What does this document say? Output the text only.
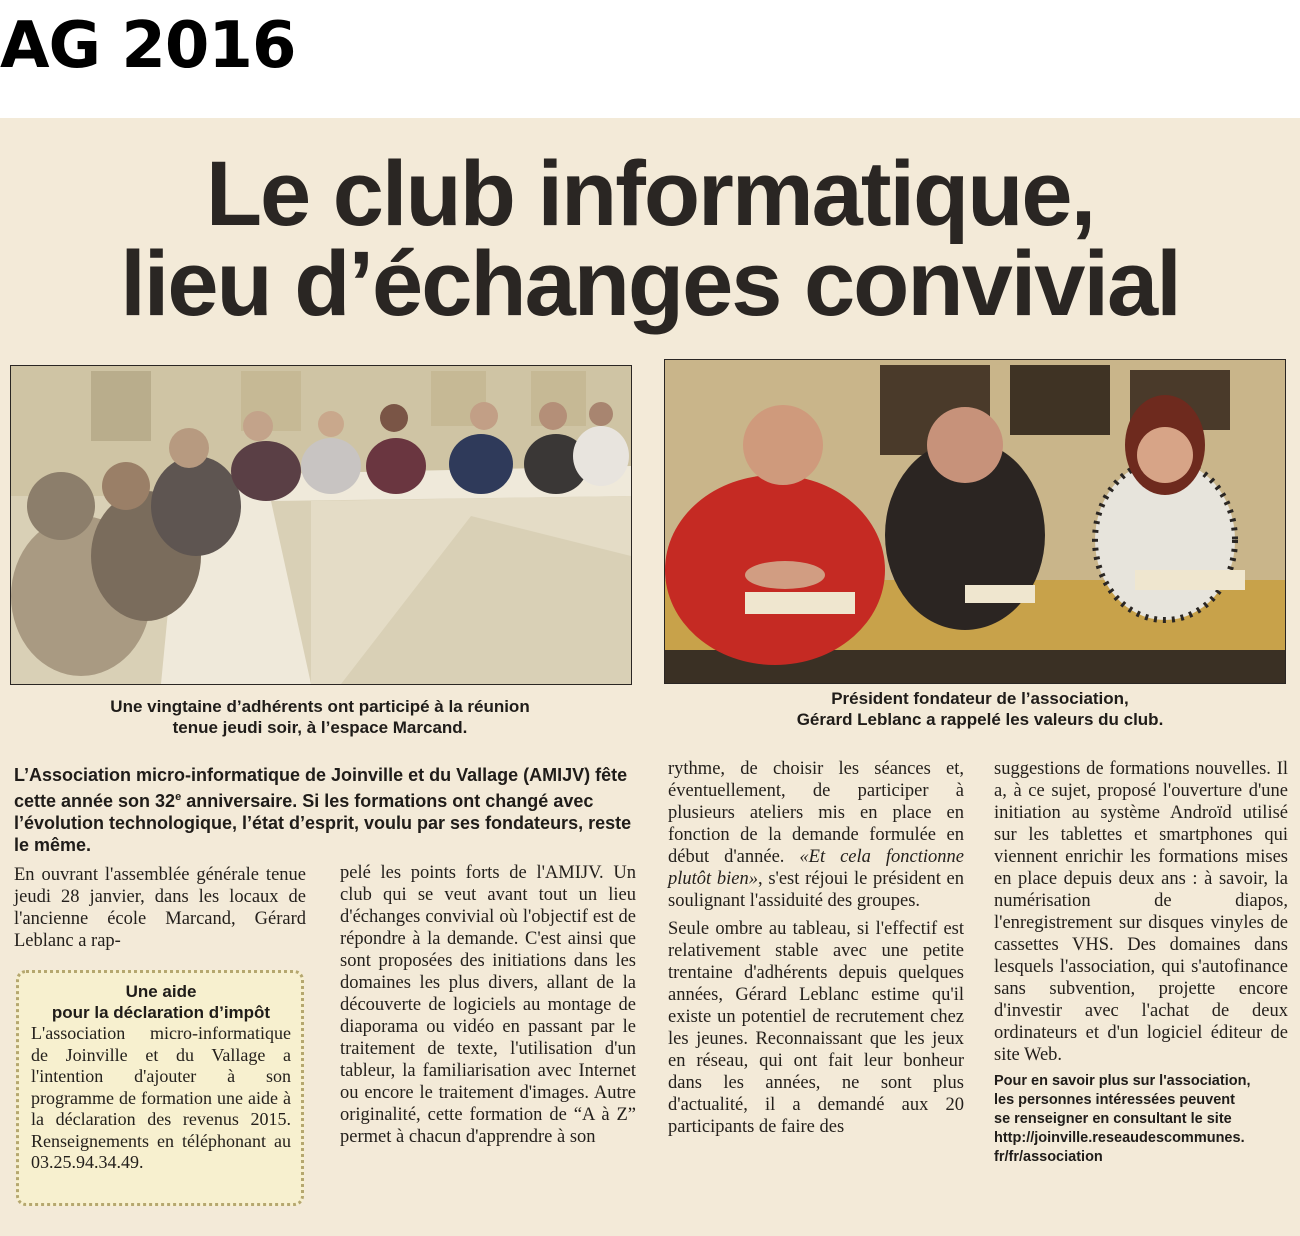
AG 2016
Le club informatique,
lieu d’échanges convivial
Une vingtaine d’adhérents ont participé à la réunion
tenue jeudi soir, à l’espace Marcand.
Président fondateur de l’association,
Gérard Leblanc a rappelé les valeurs du club.
L’Association micro-informatique de Joinville et du Vallage (AMIJV) fête cette année son 32e anniversaire. Si les formations ont changé avec l’évolution technologique, l’état d’esprit, voulu par ses fondateurs, reste le même.

En ouvrant l'assemblée générale tenue jeudi 28 janvier, dans les locaux de l'ancienne école Marcand, Gérard Leblanc a rap-

Une aide
pour la déclaration d’impôt
L'association micro-informatique de Joinville et du Vallage a l'intention d'ajouter à son programme de formation une aide à la déclaration des revenus 2015. Renseignements en téléphonant au 03.25.94.34.49.

pelé les points forts de l'AMIJV. Un club qui se veut avant tout un lieu d'échanges convivial où l'objectif est de répondre à la demande. C'est ainsi que sont proposées des initiations dans les domaines les plus divers, allant de la découverte de logiciels au montage de diaporama ou vidéo en passant par le traitement de texte, l'utilisation d'un tableur, la familiarisation avec Internet ou encore le traitement d'images. Autre originalité, cette formation de “A à Z” permet à chacun d'apprendre à son

rythme, de choisir les séances et, éventuellement, de participer à plusieurs ateliers mis en place en fonction de la demande formulée en début d'année. «Et cela fonctionne plutôt bien», s'est réjoui le président en soulignant l'assiduité des groupes.

Seule ombre au tableau, si l'effectif est relativement stable avec une petite trentaine d'adhérents depuis quelques années, Gérard Leblanc estime qu'il existe un potentiel de recrutement chez les jeunes. Reconnaissant que les jeux en réseau, qui ont fait leur bonheur dans les années, ne sont plus d'actualité, il a demandé aux 20 participants de faire des

suggestions de formations nouvelles. Il a, à ce sujet, proposé l'ouverture d'une initiation au système Androïd utilisé sur les tablettes et smartphones qui viennent enrichir les formations mises en place depuis deux ans : à savoir, la numérisation de diapos, l'enregistrement sur disques vinyles de cassettes VHS. Des domaines dans lesquels l'association, qui s'autofinance sans subvention, projette encore d'investir avec l'achat de deux ordinateurs et d'un logiciel éditeur de site Web.

Pour en savoir plus sur l'association,
les personnes intéressées peuvent
se renseigner en consultant le site
http://joinville.reseaudescommunes.
fr/fr/association
